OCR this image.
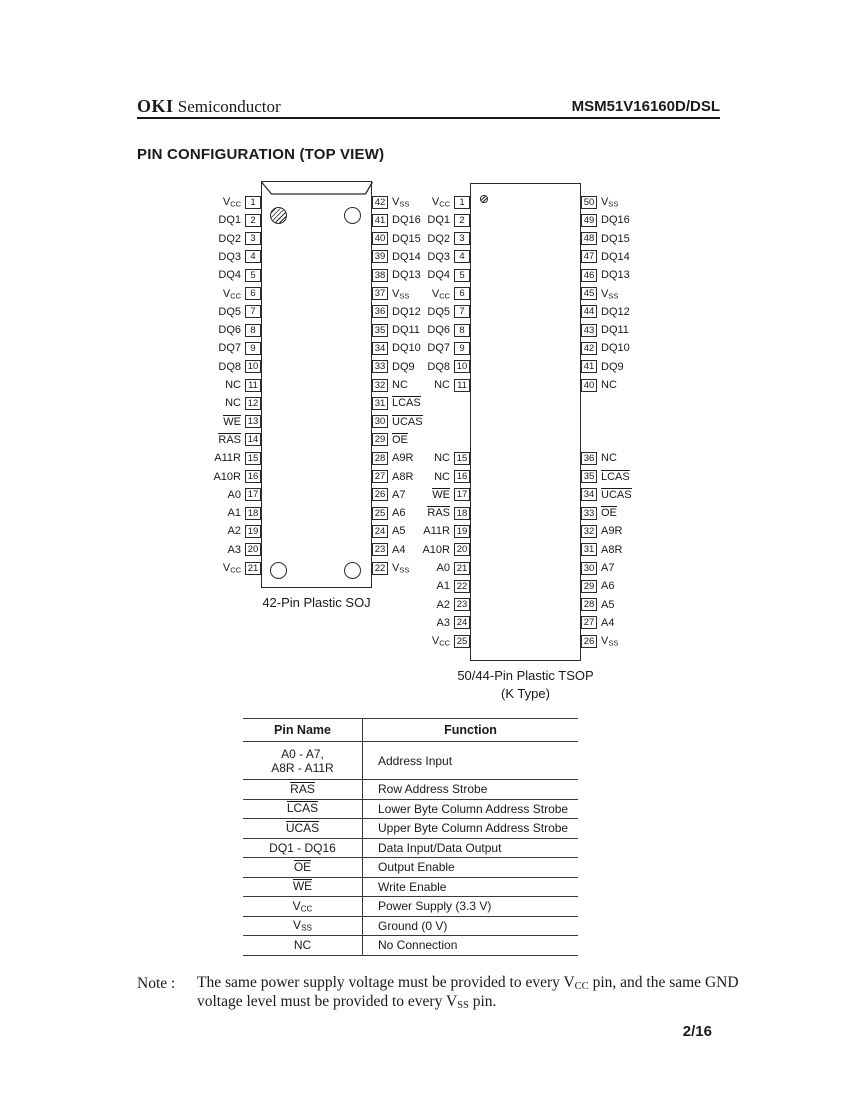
OKI Semiconductor	MSM51V16160D/DSL
PIN CONFIGURATION (TOP VIEW)
1
$V_{CC}$
2
DQ1
3
DQ2
4
DQ3
5
DQ4
6
$V_{CC}$
7
DQ5
8
DQ6
9
DQ7
10
DQ8
11
NC
12
NC
13
WE
14
RAS
15
A11R
16
A10R
17
A0
18
A1
19
A2
20
A3
21
$V_{CC}$
42 $V_{SS}$
41 DQ16
40 DQ15
39 DQ14
38 DQ13
37 $V_{SS}$
36 DQ12
35 DQ11
34 DQ10
33 DQ9
32 NC
31 LCAS
30 UCAS
29 OE
28 A9R
27 A8R
26 A7
25 A6
24 A5
23 A4
22 $V_{SS}$
42-Pin Plastic SOJ
1
$V_{CC}$
2
DQ1
3
DQ2
4
DQ3
5
DQ4
6
$V_{CC}$
7
DQ5
8
DQ6
9
DQ7
10
DQ8
11
NC
15
NC
16
NC
17
WE
18
RAS
19
A11R
20
A10R
21
A0
22
A1
23
A2
24
A3
25
$V_{CC}$
50 $V_{SS}$
49 DQ16
48 DQ15
47 DQ14
46 DQ13
45 $V_{SS}$
44 DQ12
43 DQ11
42 DQ10
41 DQ9
40 NC
36 NC
35 LCAS
34 UCAS
33 OE
32 A9R
31 A8R
30 A7
29 A6
28 A5
27 A4
26 $V_{SS}$
50/44-Pin Plastic TSOP
(K Type)
Pin Name	Function
A0 - A7,
A8R - A11R	Address Input
RAS	Row Address Strobe
LCAS	Lower Byte Column Address Strobe
UCAS	Upper Byte Column Address Strobe
DQ1 - DQ16	Data Input/Data Output
OE	Output Enable
WE	Write Enable
$V_{CC}$	Power Supply (3.3 V)
$V_{SS}$	Ground (0 V)
NC	No Connection
Note : The same power supply voltage must be provided to every $V_{CC}$ pin, and the same GND
voltage level must be provided to every $V_{SS}$ pin.
2/16
